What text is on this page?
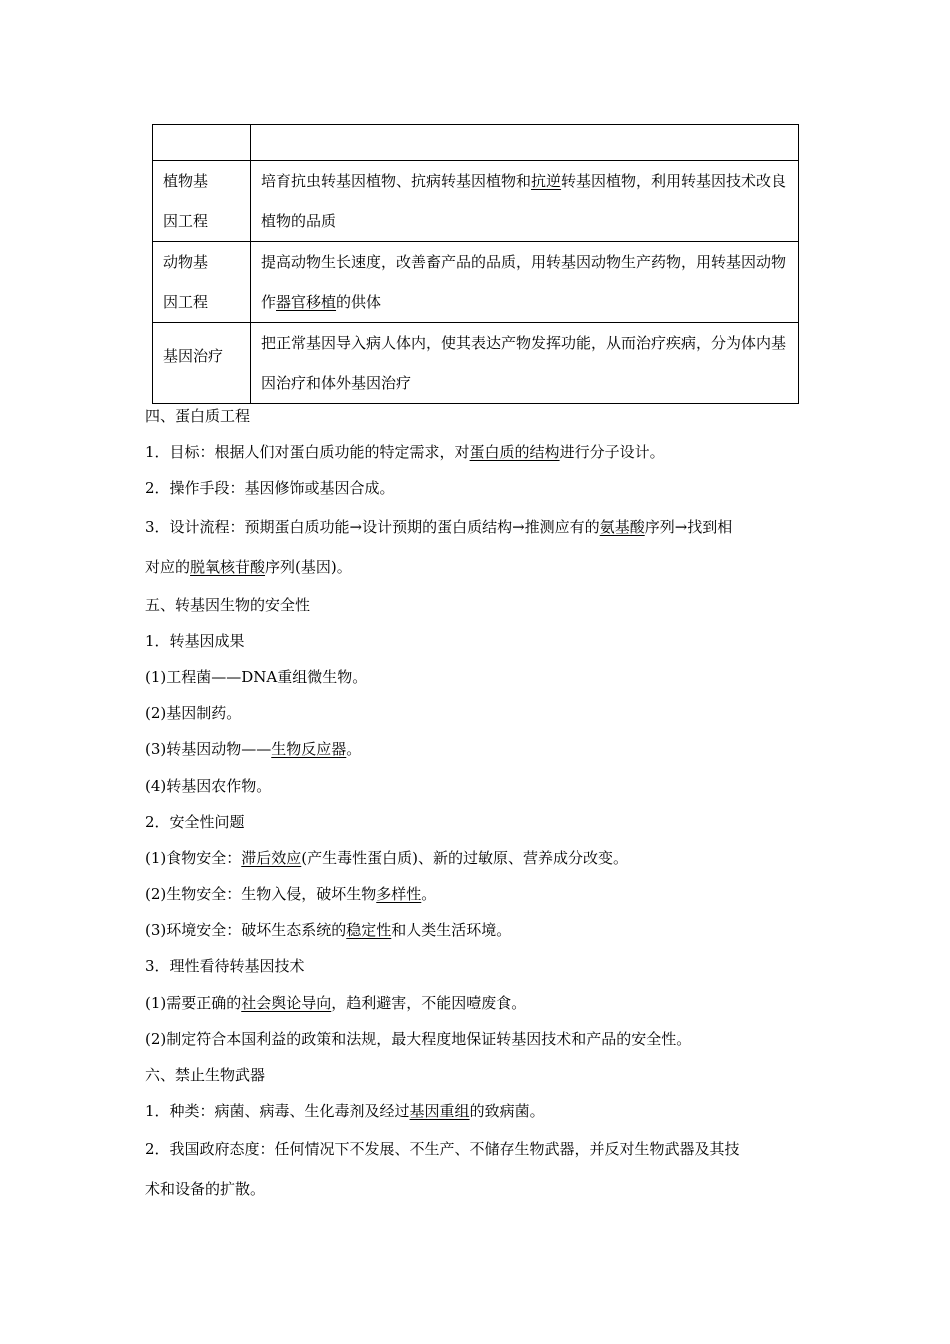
植物基
因工程	培育抗虫转基因植物、抗病转基因植物和抗逆转基因植物，利用转基因技术改良植物的品质

动物基
因工程	提高动物生长速度，改善畜产品的品质，用转基因动物生产药物，用转基因动物作器官移植的供体

基因治疗	把正常基因导入病人体内，使其表达产物发挥功能，从而治疗疾病，分为体内基因治疗和体外基因治疗
四、蛋白质工程
1．目标：根据人们对蛋白质功能的特定需求，对蛋白质的结构进行分子设计。
2．操作手段：基因修饰或基因合成。
3．设计流程：预期蛋白质功能→设计预期的蛋白质结构→推测应有的氨基酸序列→找到相
对应的脱氧核苷酸序列(基因)。
五、转基因生物的安全性
1．转基因成果
(1)工程菌——DNA重组微生物。
(2)基因制药。
(3)转基因动物——生物反应器。
(4)转基因农作物。
2．安全性问题
(1)食物安全：滞后效应(产生毒性蛋白质)、新的过敏原、营养成分改变。
(2)生物安全：生物入侵，破坏生物多样性。
(3)环境安全：破坏生态系统的稳定性和人类生活环境。
3．理性看待转基因技术
(1)需要正确的社会舆论导向，趋利避害，不能因噎废食。
(2)制定符合本国利益的政策和法规，最大程度地保证转基因技术和产品的安全性。
六、禁止生物武器
1．种类：病菌、病毒、生化毒剂及经过基因重组的致病菌。
2．我国政府态度：任何情况下不发展、不生产、不储存生物武器，并反对生物武器及其技
术和设备的扩散。
